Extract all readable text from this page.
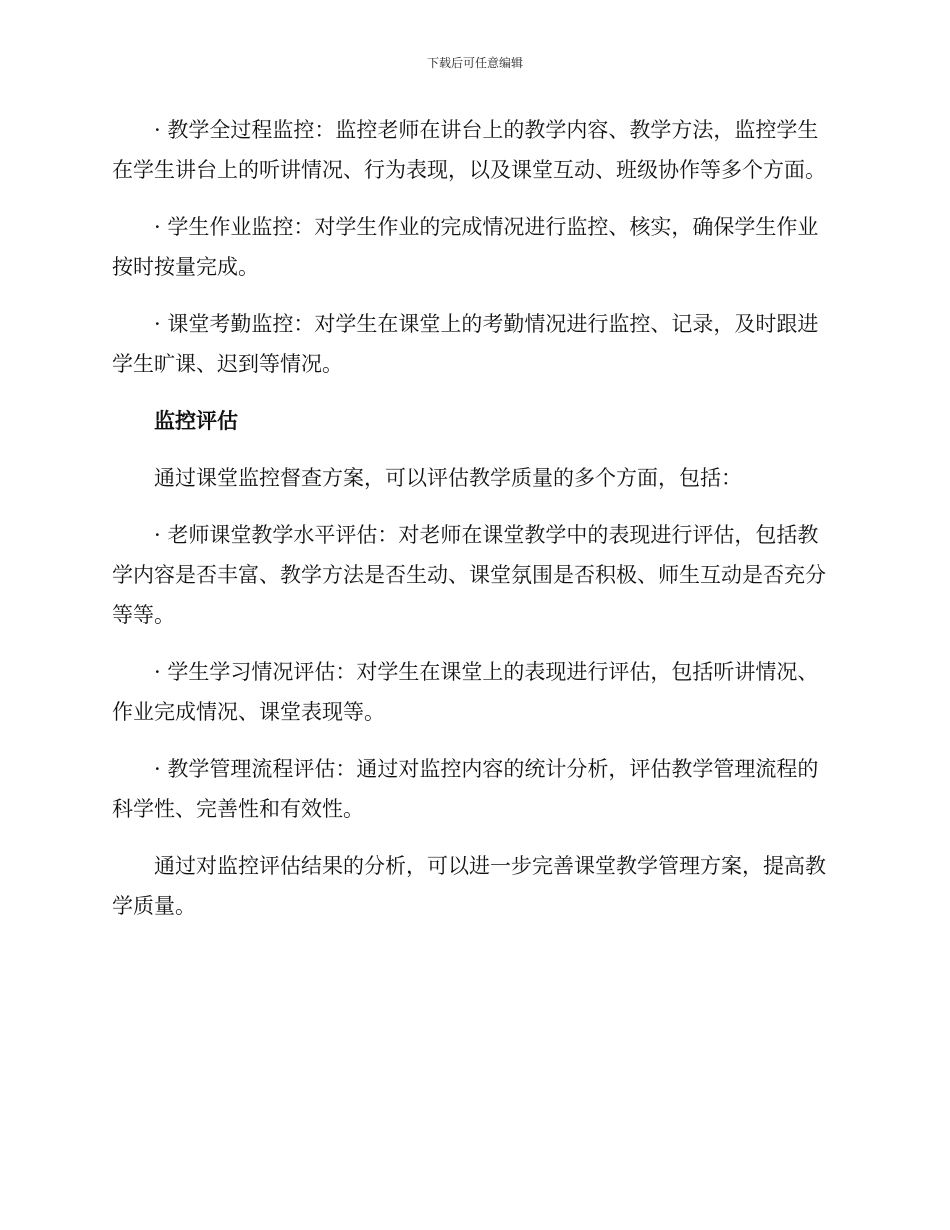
下载后可任意编辑

· 教学全过程监控：监控老师在讲台上的教学内容、教学方法，监控学生在学生讲台上的听讲情况、行为表现，以及课堂互动、班级协作等多个方面。

· 学生作业监控：对学生作业的完成情况进行监控、核实，确保学生作业按时按量完成。

· 课堂考勤监控：对学生在课堂上的考勤情况进行监控、记录，及时跟进学生旷课、迟到等情况。

监控评估

通过课堂监控督查方案，可以评估教学质量的多个方面，包括：

· 老师课堂教学水平评估：对老师在课堂教学中的表现进行评估，包括教学内容是否丰富、教学方法是否生动、课堂氛围是否积极、师生互动是否充分等等。

· 学生学习情况评估：对学生在课堂上的表现进行评估，包括听讲情况、作业完成情况、课堂表现等。

· 教学管理流程评估：通过对监控内容的统计分析，评估教学管理流程的科学性、完善性和有效性。

通过对监控评估结果的分析，可以进一步完善课堂教学管理方案，提高教学质量。
